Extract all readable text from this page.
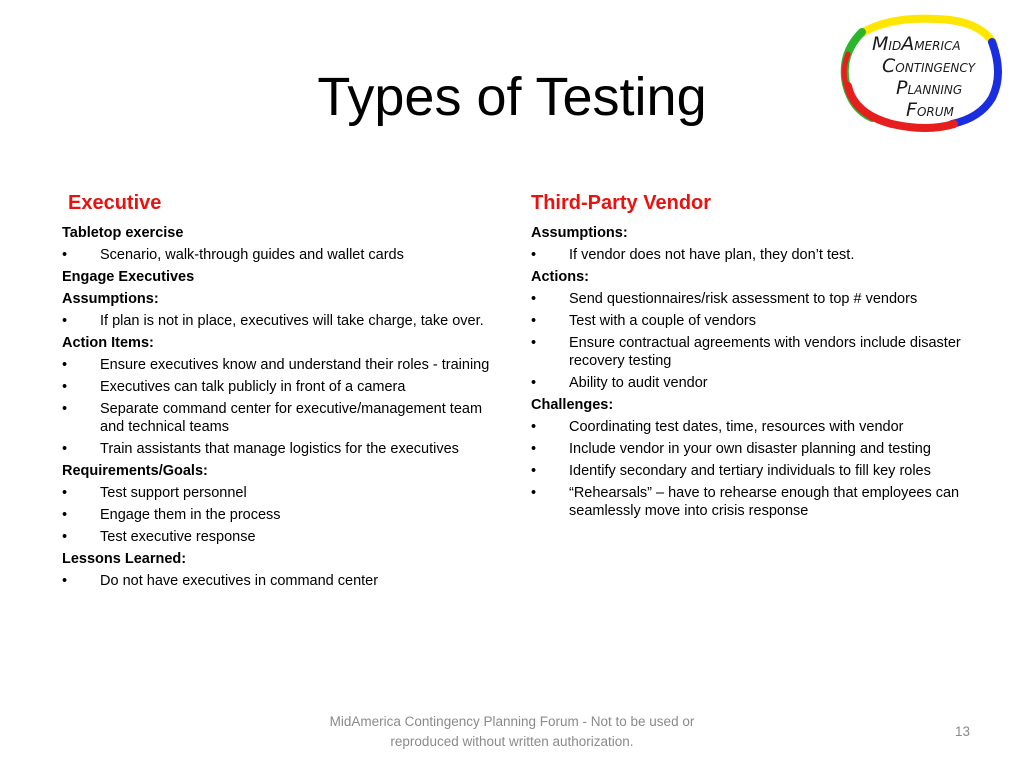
Types of Testing
MIDAMERICA
CONTINGENCY
PLANNING
FORUM
Executive
Tabletop exercise
•	Scenario, walk-through guides and wallet cards
Engage Executives
Assumptions:
•	If plan is not in place, executives will take charge, take over.
Action Items:
•	Ensure executives know and understand their roles - training
•	Executives can talk publicly in front of a camera
•	Separate command center for executive/management team and technical teams
•	Train assistants that manage logistics for the executives
Requirements/Goals:
•	Test support personnel
•	Engage them in the process
•	Test executive response
Lessons Learned:
•	Do not have executives in command center
Third-Party Vendor
Assumptions:
•	If vendor does not have plan, they don’t test.
Actions:
•	Send questionnaires/risk assessment to top # vendors
•	Test with a couple of vendors
•	Ensure contractual agreements with vendors include disaster recovery testing
•	Ability to audit vendor
Challenges:
•	Coordinating test dates, time, resources with vendor
•	Include vendor in your own disaster planning and testing
•	Identify secondary and tertiary individuals to fill key roles
•	“Rehearsals” – have to rehearse enough that employees can seamlessly move into crisis response
MidAmerica Contingency Planning Forum - Not to be used or
reproduced without written authorization.
13
